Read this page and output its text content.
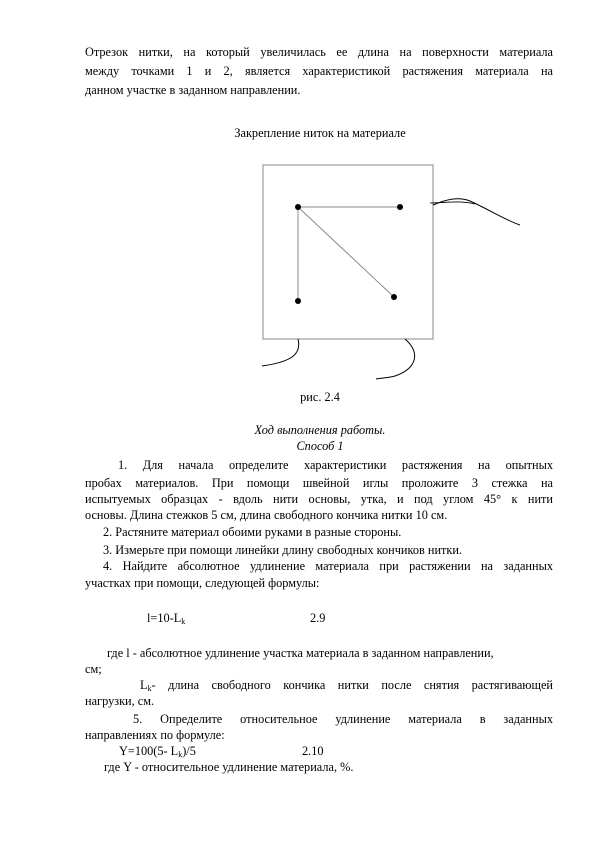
Отрезок нитки, на который увеличилась ее длина на поверхности материала

между точками 1 и 2, является характеристикой растяжения материала на

данном участке в заданном направлении.

Закрепление ниток на материале
рис. 2.4
Ход выполнения работы.
Способ 1

1. Для начала определите характеристики растяжения на опытных

пробах материалов. При помощи швейной иглы проложите 3 стежка на

испытуемых образцах - вдоль нити основы, утка, и под углом 45° к нити

основы. Длина стежков 5 см, длина свободного кончика нитки 10 см.

2. Растяните материал обоими руками в разные стороны.
3. Измерьте при помощи линейки длину свободных кончиков нитки.

4. Найдите абсолютное удлинение материала при растяжении на заданных

участках при помощи, следующей формулы:

$l=10-L_k$	2.9
где l - абсолютное удлинение участка материала в заданном направлении,
см;

$L_k-$ длина свободного кончика нитки после снятия растягивающей

нагрузки, см.

5. Определите относительное удлинение материала в заданных

направлениях по формуле:
Y=100(5- $L_k)/5$	2.10
где Y - относительное удлинение материала, %.
